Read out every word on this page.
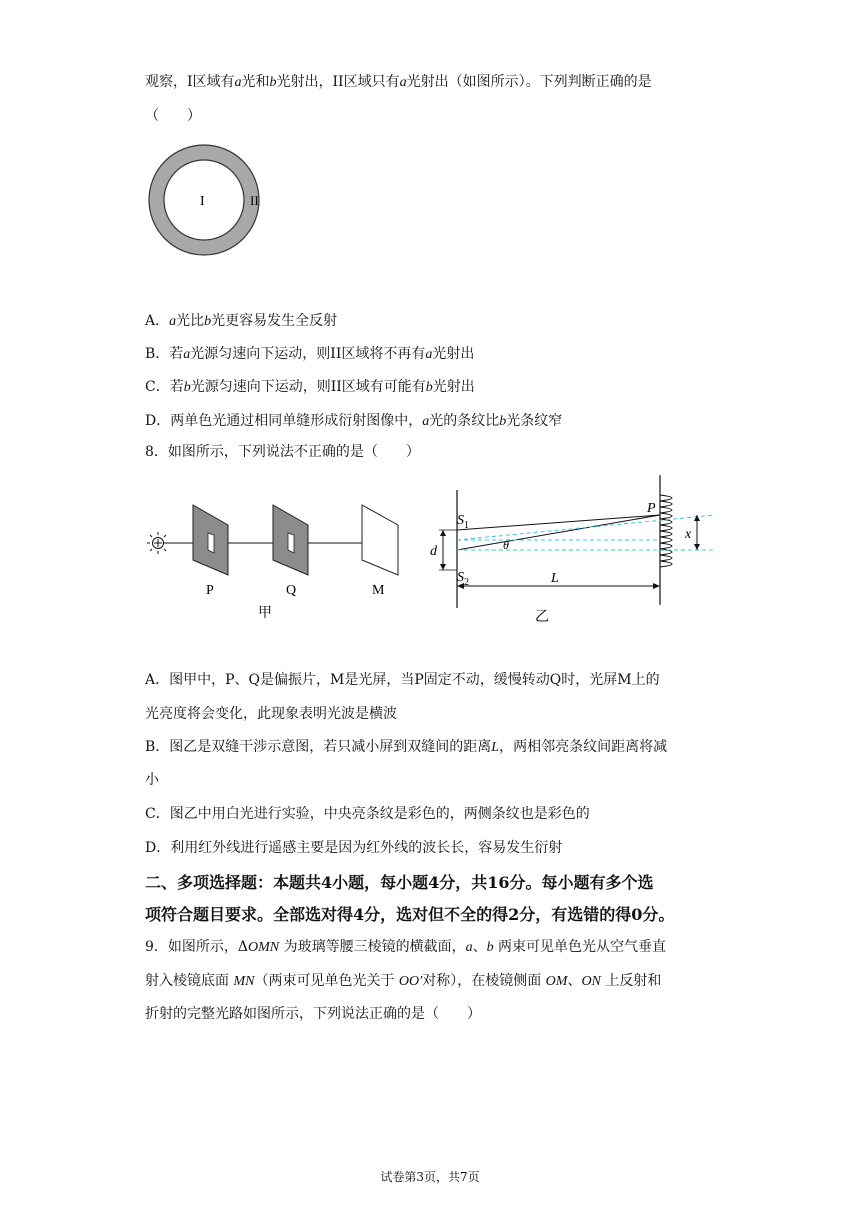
观察，I区域有a光和b光射出，II区域只有a光射出（如图所示）。下列判断正确的是
（　　）
I	II
A．a光比b光更容易发生全反射
B．若a光源匀速向下运动，则II区域将不再有a光射出
C．若b光源匀速向下运动，则II区域有可能有b光射出
D．两单色光通过相同单缝形成衍射图像中，a光的条纹比b光条纹窄
8．如图所示，下列说法不正确的是（　　）
P	Q	M
甲
d
x
L
$S_1$
$S_2$
P
θ
乙
A．图甲中，P、Q是偏振片，M是光屏，当P固定不动，缓慢转动Q时，光屏M上的
光亮度将会变化，此现象表明光波是横波
B．图乙是双缝干涉示意图，若只减小屏到双缝间的距离L，两相邻亮条纹间距离将减
小
C．图乙中用白光进行实验，中央亮条纹是彩色的，两侧条纹也是彩色的
D．利用红外线进行遥感主要是因为红外线的波长长，容易发生衍射
二、多项选择题：本题共4小题，每小题4分，共16分。每小题有多个选
项符合题目要求。全部选对得4分，选对但不全的得2分，有选错的得0分。
9．如图所示，ΔOMN 为玻璃等腰三棱镜的横截面，a、b 两束可见单色光从空气垂直
射入棱镜底面 MN（两束可见单色光关于 OO′对称），在棱镜侧面 OM、ON 上反射和
折射的完整光路如图所示，下列说法正确的是（　　）
试卷第3页，共7页
